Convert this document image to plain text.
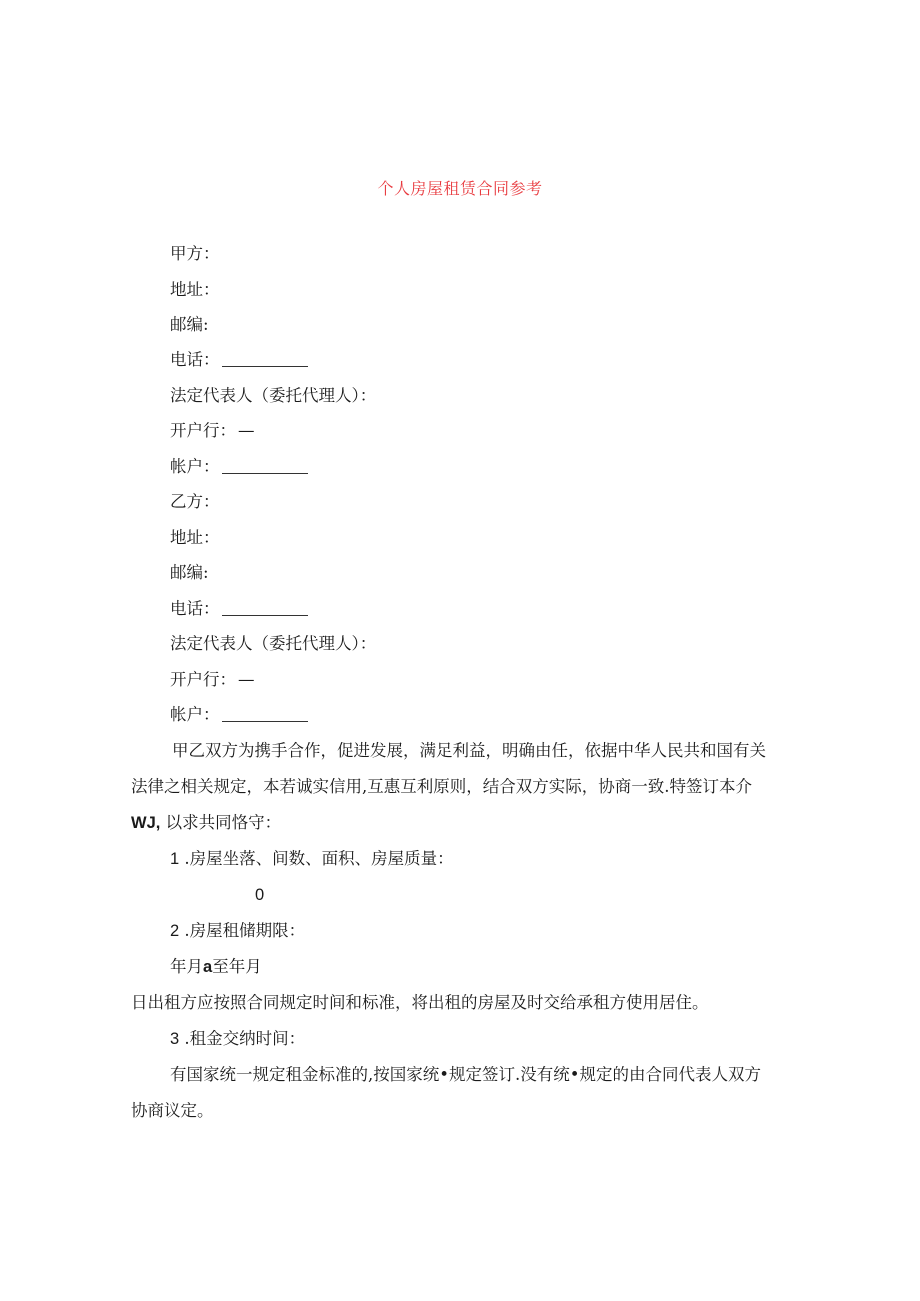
个人房屋租赁合同参考
甲方：
地址：
邮编:
电话：
法定代表人（委托代理人）：
开户行： —
帐户：
乙方：
地址：
邮编:
电话：
法定代表人（委托代理人）：
开户行： —
帐户：
甲乙双方为携手合作，促进发展，满足利益，明确由任，依据中华人民共和国有关
法律之相关规定，本若诚实信用,互惠互利原则，结合双方实际，协商一致.特签订本介
WJ, 以求共同恪守：
1 .房屋坐落、间数、面积、房屋质量：
0
2 .房屋租储期限：
年月a至年月
日出租方应按照合同规定时间和标准，将出租的房屋及时交给承租方使用居住。
3 .租金交纳时间：
有国家统一规定租金标准的,按国家统•规定签订.没有统•规定的由合同代表人双方
协商议定。
